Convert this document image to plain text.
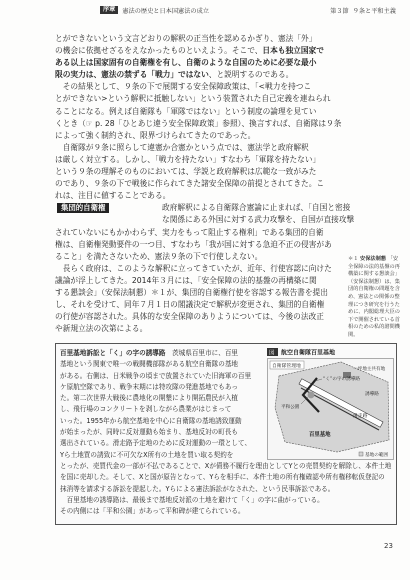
序章	憲法の歴史と日本国憲法の成立	第３節 ９条と平和主義
とができないという文言どおりの解釈の正当性を認めるかぎり、憲法「外」
の機会に依拠せざるをえなかったものといえよう。そこで、日本も独立国家で
ある以上は国家固有の自衛権を有し、自衛のような自国のために必要な最小
限の実力は、憲法の禁ずる「戦力」ではない、と説明するのである。
　その結果として、９条の下で展開する安全保障政策は、「<戦力を持つこ
とができない>という解釈に抵触しない」という装置された自己定義を連ねられ
ることになる。例えば自衛隊も「軍隊ではない」という制度の論理を見てい
くとき（☞ p. 28「ひとあじ違う安全保障政策」参照）、換言すれば、自衛隊は９条
によって強く制約され、限界づけられてきたのであった。
　自衛隊が９条に照らして違憲か合憲かという点では、憲法学と政府解釈
は厳しく対立する。しかし、「戦力を持たない」すなわち「軍隊を持たない」
という９条の理解そのものにおいては、学説と政府解釈は広範な一致がみた
のであり、９条の下で戦後に作られてきた諸安全保障の前提とされてきた。こ
れは、注目に値することである。
集団的自衛権	政府解釈による自衛隊合憲論に止まれば、「自国と密接
な関係にある外国に対する武力攻撃を、自国が直接攻撃
されていないにもかかわらず、実力をもって阻止する権利」である集団的自衛
権は、自衛権発動要件の一つ目、すなわち「我が国に対する急迫不正の侵害があ
ること」を満たさないため、憲法９条の下で行使しえない。
　長らく政府は、このような解釈に立ってきていたが、近年、行使容認に向けた
議論が浮上してきた。2014年３月には、「安全保障の法的基盤の再構築に関
する懇談会」（安保法制懇）＊１が、集団的自衛権行使を容認する報告書を提出
し、それを受けて、同年７月１日の閣議決定で解釈が変更され、集団的自衛権
の行使が容認された。具体的な安全保障のありようについては、今後の法改正
や新規立法の次第による。
＊１ 安保法制懇 「安全保障の法的基盤の再構築に関する懇談会」（安保法制懇）は、集団的自衛権の問題を含め、憲法との関係の整理につき研究を行うために、内閣総理大臣の下で開催されている首相のための私的諮問機関。
百里基地訴訟と「く」の字の誘導路　茨城県百里市に、百里
基地という関東で唯一の戦闘機部隊がある航空自衛隊の基地
がある。右側は、日米戦争の頃まで放置されていた旧海軍の百里
ケ原航空隊であり、戦争末期には特攻隊の発進基地でもあっ
た。第二次世界大戦後に農地化の開墾により開拓農民が入植
し、飛行場のコンクリートを剥しながら農業がはじまって
いった。1955年から航空基地を中心に自衛隊の基地誘致運動
が始まったが、同時に反対運動も始まり、基地反対の町長も
選出されている。滑走路予定地のために反対運動の一環として、
Yら土地買の誘致に不可欠なX所有の土地を買い取る契約を
とったが、売買代金の一部が不払であることで、Xが債務不履行を理由としてYとの売買契約を解除し、本件土地
を国に売却した。そして、Xと国が原告となって、Yらを相手に、本件土地の所有権確認や所有権移転仮登記の
抹消等を請求する訴訟を提起した。Yらによる憲法訴訟がなされた、という民事訴訟である。
　百里基地の誘導路は、最後まで基地反対派の土地を避けて「く」の字に曲がっている。
その内側には「平和公園」があって平和碑が建てられている。
図 航空自衛隊百里基地
自衛隊管理地
一坪地主共有地
“く”の字の誘導路
誘導路
滑走路
平和公園
百里基地
基地の範囲
23
